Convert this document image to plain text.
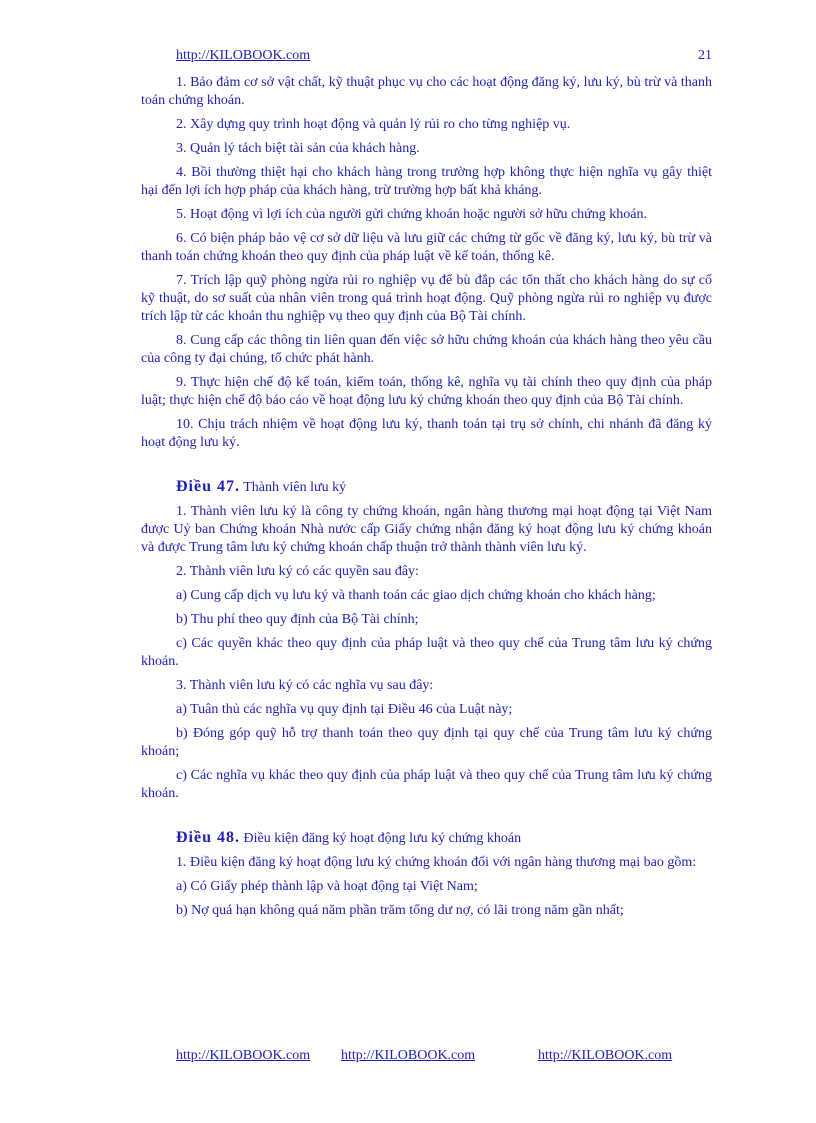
http://KILOBOOK.com	21

1. Bảo đảm cơ sở vật chất, kỹ thuật phục vụ cho các hoạt động đăng ký, lưu ký, bù trừ và thanh toán chứng khoán.

2. Xây dựng quy trình hoạt động và quản lý rủi ro cho từng nghiệp vụ.

3. Quản lý tách biệt tài sản của khách hàng.

4. Bồi thường thiệt hại cho khách hàng trong trường hợp không thực hiện nghĩa vụ gây thiệt hại đến lợi ích hợp pháp của khách hàng, trừ trường hợp bất khả kháng.

5. Hoạt động vì lợi ích của người gửi chứng khoán hoặc người sở hữu chứng khoán.

6. Có biện pháp bảo vệ cơ sở dữ liệu và lưu giữ các chứng từ gốc về đăng ký, lưu ký, bù trừ và thanh toán chứng khoán theo quy định của pháp luật về kế toán, thống kê.

7. Trích lập quỹ phòng ngừa rủi ro nghiệp vụ để bù đắp các tổn thất cho khách hàng do sự cố kỹ thuật, do sơ suất của nhân viên trong quá trình hoạt động. Quỹ phòng ngừa rủi ro nghiệp vụ được trích lập từ các khoản thu nghiệp vụ theo quy định của Bộ Tài chính.

8. Cung cấp các thông tin liên quan đến việc sở hữu chứng khoán của khách hàng theo yêu cầu của công ty đại chúng, tổ chức phát hành.

9. Thực hiện chế độ kế toán, kiểm toán, thống kê, nghĩa vụ tài chính theo quy định của pháp luật; thực hiện chế độ báo cáo về hoạt động lưu ký chứng khoán theo quy định của Bộ Tài chính.

10. Chịu trách nhiệm về hoạt động lưu ký, thanh toán tại trụ sở chính, chi nhánh đã đăng ký hoạt động lưu ký.

Điều 47. Thành viên lưu ký

1. Thành viên lưu ký là công ty chứng khoán, ngân hàng thương mại hoạt động tại Việt Nam được Uỷ ban Chứng khoán Nhà nước cấp Giấy chứng nhận đăng ký hoạt động lưu ký chứng khoán và được Trung tâm lưu ký chứng khoán chấp thuận trở thành thành viên lưu ký.

2. Thành viên lưu ký có các quyền sau đây:

a) Cung cấp dịch vụ lưu ký và thanh toán các giao dịch chứng khoán cho khách hàng;

b) Thu phí theo quy định của Bộ Tài chính;

c) Các quyền khác theo quy định của pháp luật và theo quy chế của Trung tâm lưu ký chứng khoán.

3. Thành viên lưu ký có các nghĩa vụ sau đây:

a) Tuân thủ các nghĩa vụ quy định tại Điều 46 của Luật này;

b) Đóng góp quỹ hỗ trợ thanh toán theo quy định tại quy chế của Trung tâm lưu ký chứng khoán;

c) Các nghĩa vụ khác theo quy định của pháp luật và theo quy chế của Trung tâm lưu ký chứng khoán.

Điều 48. Điều kiện đăng ký hoạt động lưu ký chứng khoán

1. Điều kiện đăng ký hoạt động lưu ký chứng khoán đối với ngân hàng thương mại bao gồm:

a) Có Giấy phép thành lập và hoạt động tại Việt Nam;

b) Nợ quá hạn không quá năm phần trăm tổng dư nợ, có lãi trong năm gần nhất;

http://KILOBOOK.com http://KILOBOOK.com	http://KILOBOOK.com
